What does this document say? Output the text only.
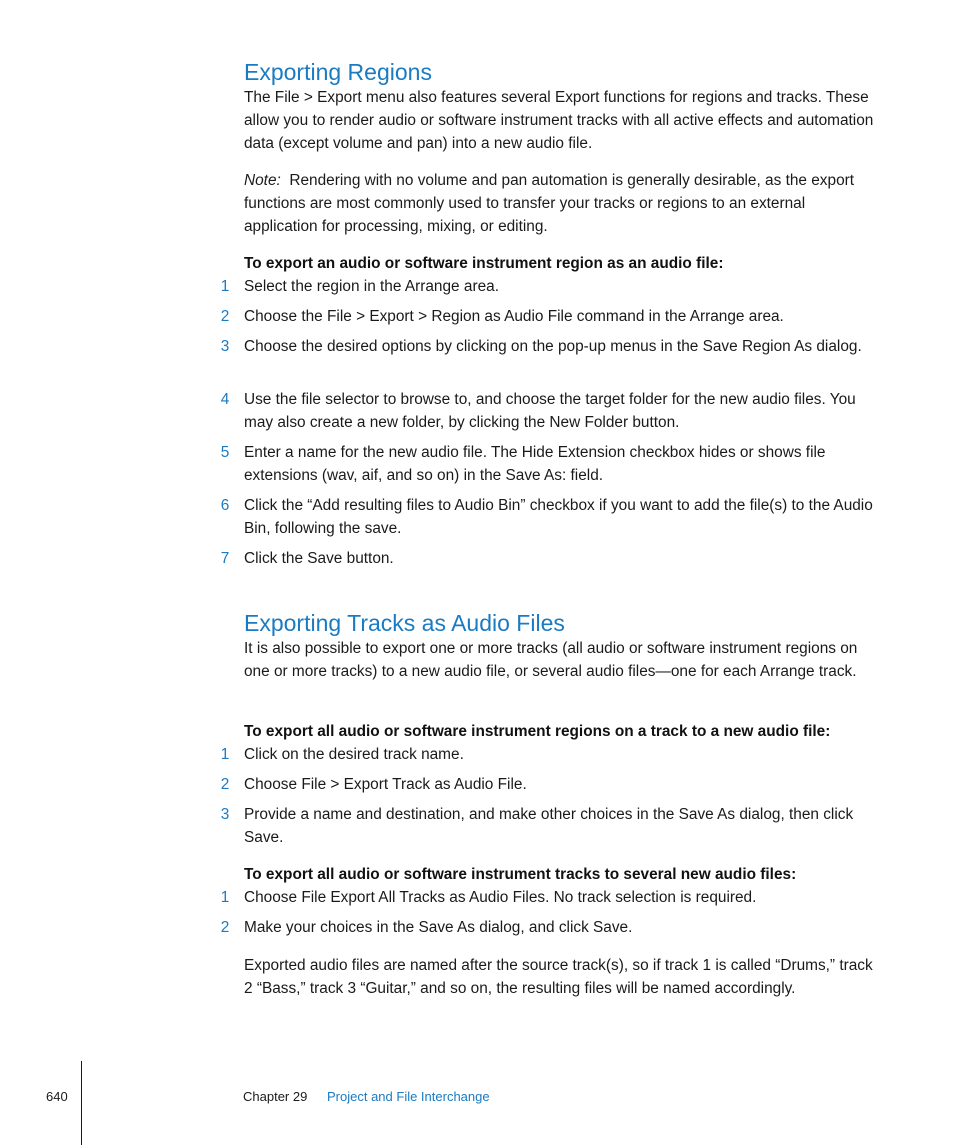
Exporting Regions

The File > Export menu also features several Export functions for regions and tracks. These allow you to render audio or software instrument tracks with all active effects and automation data (except volume and pan) into a new audio file.

Note: Rendering with no volume and pan automation is generally desirable, as the export functions are most commonly used to transfer your tracks or regions to an external application for processing, mixing, or editing.

To export an audio or software instrument region as an audio file:

1 Select the region in the Arrange area.
2 Choose the File > Export > Region as Audio File command in the Arrange area.
3 Choose the desired options by clicking on the pop-up menus in the Save Region As dialog.
4 Use the file selector to browse to, and choose the target folder for the new audio files. You may also create a new folder, by clicking the New Folder button.
5 Enter a name for the new audio file. The Hide Extension checkbox hides or shows file extensions (wav, aif, and so on) in the Save As: field.
6 Click the “Add resulting files to Audio Bin” checkbox if you want to add the file(s) to the Audio Bin, following the save.
7 Click the Save button.
Exporting Tracks as Audio Files

It is also possible to export one or more tracks (all audio or software instrument regions on one or more tracks) to a new audio file, or several audio files—one for each Arrange track.

To export all audio or software instrument regions on a track to a new audio file:

1 Click on the desired track name.
2 Choose File > Export Track as Audio File.
3 Provide a name and destination, and make other choices in the Save As dialog, then click Save.

To export all audio or software instrument tracks to several new audio files:

1 Choose File Export All Tracks as Audio Files. No track selection is required.
2 Make your choices in the Save As dialog, and click Save.

Exported audio files are named after the source track(s), so if track 1 is called “Drums,” track 2 “Bass,” track 3 “Guitar,” and so on, the resulting files will be named accordingly.

640	Chapter 29 Project and File Interchange
